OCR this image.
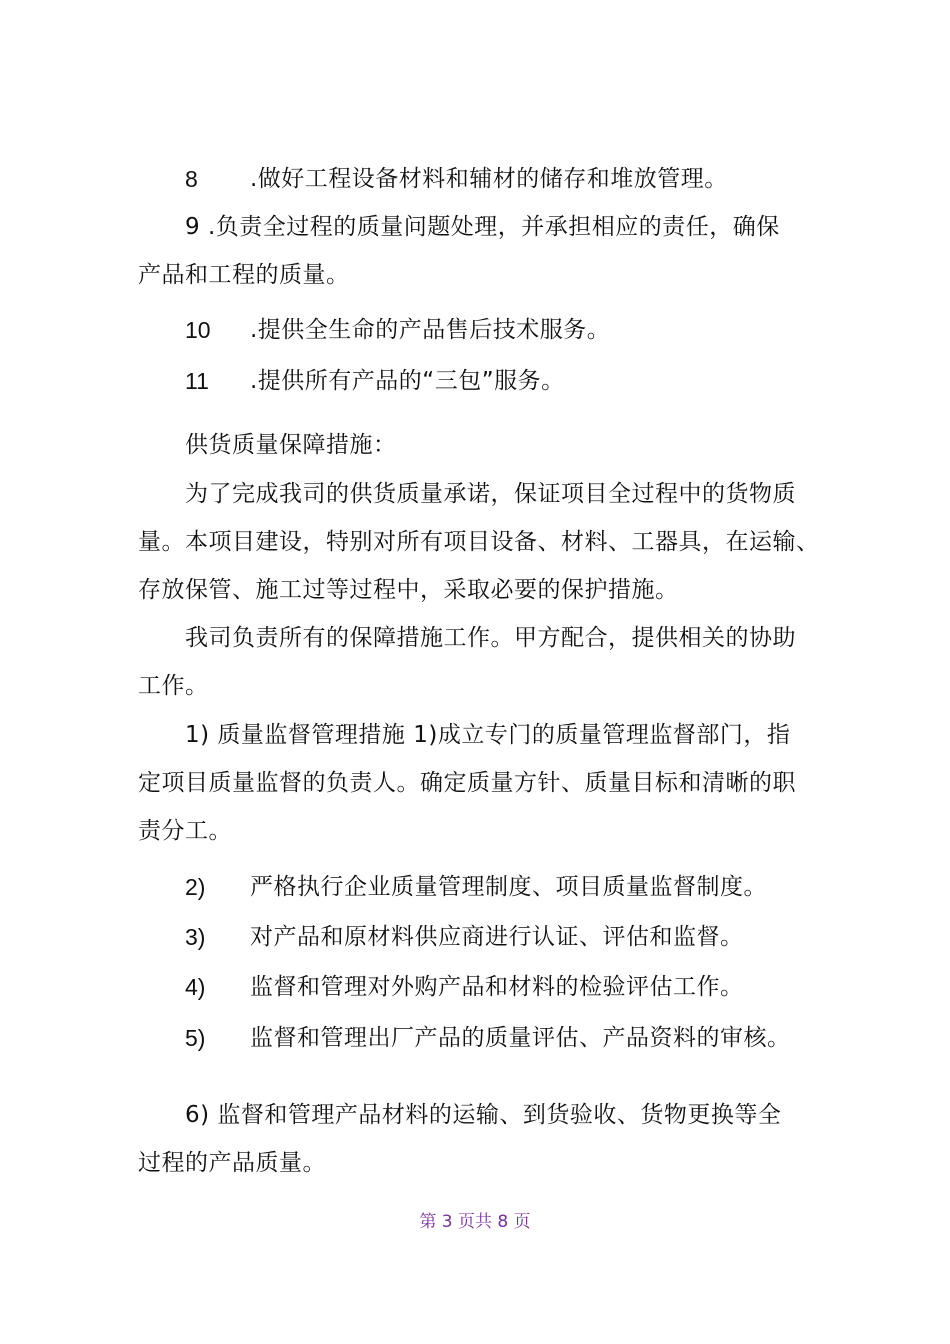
8 .做好工程设备材料和辅材的储存和堆放管理。
9 .负责全过程的质量问题处理，并承担相应的责任，确保
产品和工程的质量。
10 .提供全生命的产品售后技术服务。
11 .提供所有产品的“三包”服务。
供货质量保障措施：
为了完成我司的供货质量承诺，保证项目全过程中的货物质
量。本项目建设，特别对所有项目设备、材料、工器具，在运输、
存放保管、施工过等过程中，采取必要的保护措施。
我司负责所有的保障措施工作。甲方配合，提供相关的协助
工作。
1) 质量监督管理措施 1)成立专门的质量管理监督部门，指
定项目质量监督的负责人。确定质量方针、质量目标和清晰的职
责分工。
2) 严格执行企业质量管理制度、项目质量监督制度。
3) 对产品和原材料供应商进行认证、评估和监督。
4) 监督和管理对外购产品和材料的检验评估工作。
5) 监督和管理出厂产品的质量评估、产品资料的审核。
6) 监督和管理产品材料的运输、到货验收、货物更换等全
过程的产品质量。
第 3 页共 8 页
